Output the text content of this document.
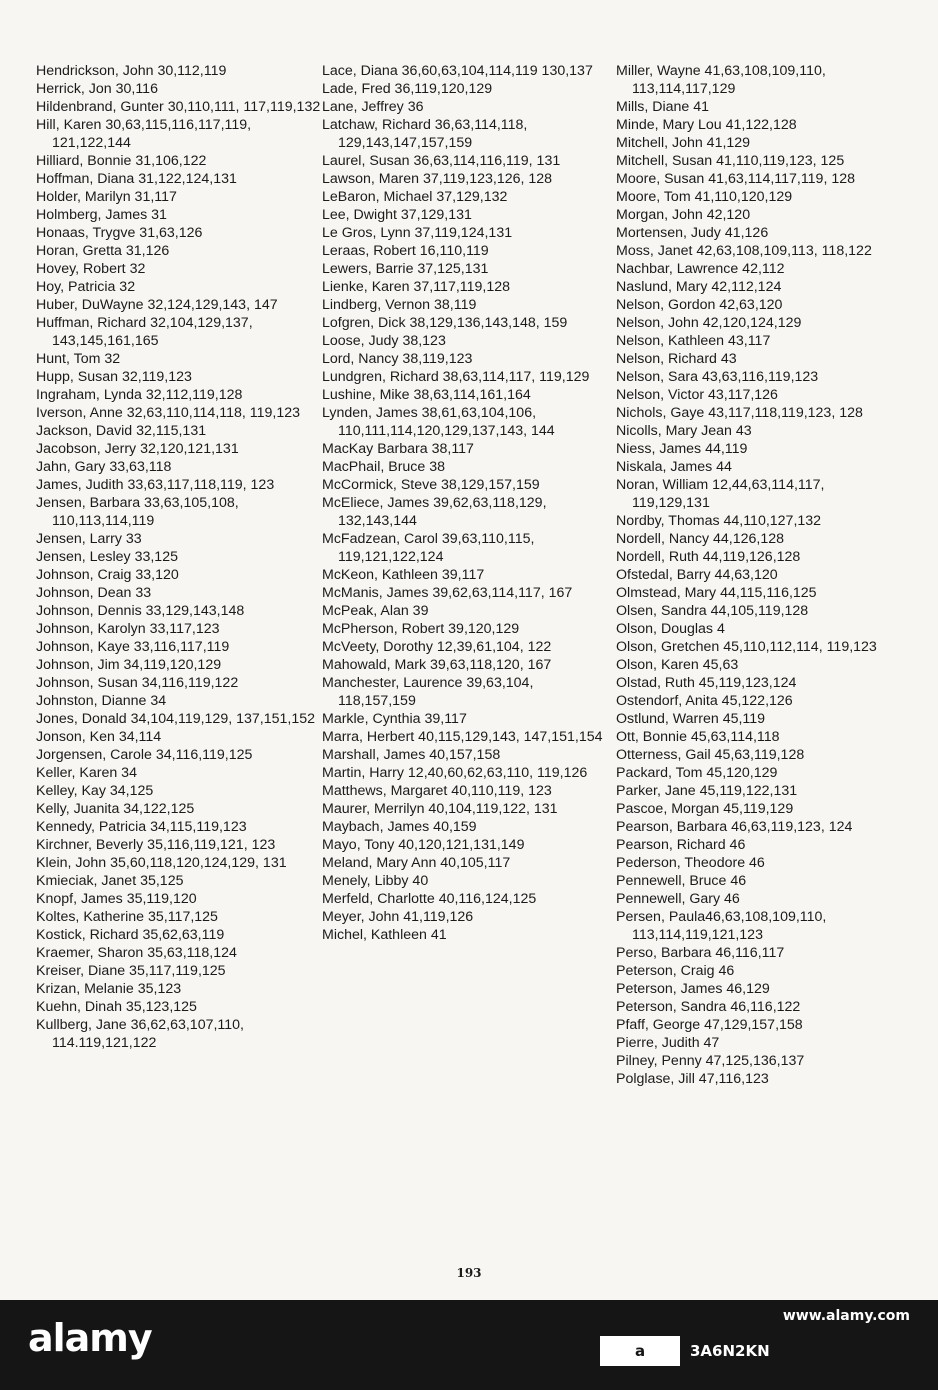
Hendrickson, John 30,112,119

Herrick, Jon 30,116

Hildenbrand, Gunter 30,110,111, 117,119,132

Hill, Karen 30,63,115,116,117,119, 121,122,144

Hilliard, Bonnie 31,106,122

Hoffman, Diana 31,122,124,131

Holder, Marilyn 31,117

Holmberg, James 31

Honaas, Trygve 31,63,126

Horan, Gretta 31,126

Hovey, Robert 32

Hoy, Patricia 32

Huber, DuWayne 32,124,129,143, 147

Huffman, Richard 32,104,129,137, 143,145,161,165

Hunt, Tom 32

Hupp, Susan 32,119,123

Ingraham, Lynda 32,112,119,128

Iverson, Anne 32,63,110,114,118, 119,123

Jackson, David 32,115,131

Jacobson, Jerry 32,120,121,131

Jahn, Gary 33,63,118

James, Judith 33,63,117,118,119, 123

Jensen, Barbara 33,63,105,108, 110,113,114,119

Jensen, Larry 33

Jensen, Lesley 33,125

Johnson, Craig 33,120

Johnson, Dean 33

Johnson, Dennis 33,129,143,148

Johnson, Karolyn 33,117,123

Johnson, Kaye 33,116,117,119

Johnson, Jim 34,119,120,129

Johnson, Susan 34,116,119,122

Johnston, Dianne 34

Jones, Donald 34,104,119,129, 137,151,152

Jonson, Ken 34,114

Jorgensen, Carole 34,116,119,125

Keller, Karen 34

Kelley, Kay 34,125

Kelly, Juanita 34,122,125

Kennedy, Patricia 34,115,119,123

Kirchner, Beverly 35,116,119,121, 123

Klein, John 35,60,118,120,124,129, 131

Kmieciak, Janet 35,125

Knopf, James 35,119,120

Koltes, Katherine 35,117,125

Kostick, Richard 35,62,63,119

Kraemer, Sharon 35,63,118,124

Kreiser, Diane 35,117,119,125

Krizan, Melanie 35,123

Kuehn, Dinah 35,123,125

Kullberg, Jane 36,62,63,107,110, 114.119,121,122

Lace, Diana 36,60,63,104,114,119 130,137

Lade, Fred 36,119,120,129

Lane, Jeffrey 36

Latchaw, Richard 36,63,114,118, 129,143,147,157,159

Laurel, Susan 36,63,114,116,119, 131

Lawson, Maren 37,119,123,126, 128

LeBaron, Michael 37,129,132

Lee, Dwight 37,129,131

Le Gros, Lynn 37,119,124,131

Leraas, Robert 16,110,119

Lewers, Barrie 37,125,131

Lienke, Karen 37,117,119,128

Lindberg, Vernon 38,119

Lofgren, Dick 38,129,136,143,148, 159

Loose, Judy 38,123

Lord, Nancy 38,119,123

Lundgren, Richard 38,63,114,117, 119,129

Lushine, Mike 38,63,114,161,164

Lynden, James 38,61,63,104,106, 110,111,114,120,129,137,143, 144

MacKay Barbara 38,117

MacPhail, Bruce 38

McCormick, Steve 38,129,157,159

McEliece, James 39,62,63,118,129, 132,143,144

McFadzean, Carol 39,63,110,115, 119,121,122,124

McKeon, Kathleen 39,117

McManis, James 39,62,63,114,117, 167

McPeak, Alan 39

McPherson, Robert 39,120,129

McVeety, Dorothy 12,39,61,104, 122

Mahowald, Mark 39,63,118,120, 167

Manchester, Laurence 39,63,104, 118,157,159

Markle, Cynthia 39,117

Marra, Herbert 40,115,129,143, 147,151,154

Marshall, James 40,157,158

Martin, Harry 12,40,60,62,63,110, 119,126

Matthews, Margaret 40,110,119, 123

Maurer, Merrilyn 40,104,119,122, 131

Maybach, James 40,159

Mayo, Tony 40,120,121,131,149

Meland, Mary Ann 40,105,117

Menely, Libby 40

Merfeld, Charlotte 40,116,124,125

Meyer, John 41,119,126

Michel, Kathleen 41

Miller, Wayne 41,63,108,109,110, 113,114,117,129

Mills, Diane 41

Minde, Mary Lou 41,122,128

Mitchell, John 41,129

Mitchell, Susan 41,110,119,123, 125

Moore, Susan 41,63,114,117,119, 128

Moore, Tom 41,110,120,129

Morgan, John 42,120

Mortensen, Judy 41,126

Moss, Janet 42,63,108,109,113, 118,122

Nachbar, Lawrence 42,112

Naslund, Mary 42,112,124

Nelson, Gordon 42,63,120

Nelson, John 42,120,124,129

Nelson, Kathleen 43,117

Nelson, Richard 43

Nelson, Sara 43,63,116,119,123

Nelson, Victor 43,117,126

Nichols, Gaye 43,117,118,119,123, 128

Nicolls, Mary Jean 43

Niess, James 44,119

Niskala, James 44

Noran, William 12,44,63,114,117, 119,129,131

Nordby, Thomas 44,110,127,132

Nordell, Nancy 44,126,128

Nordell, Ruth 44,119,126,128

Ofstedal, Barry 44,63,120

Olmstead, Mary 44,115,116,125

Olsen, Sandra 44,105,119,128

Olson, Douglas 4

Olson, Gretchen 45,110,112,114, 119,123

Olson, Karen 45,63

Olstad, Ruth 45,119,123,124

Ostendorf, Anita 45,122,126

Ostlund, Warren 45,119

Ott, Bonnie 45,63,114,118

Otterness, Gail 45,63,119,128

Packard, Tom 45,120,129

Parker, Jane 45,119,122,131

Pascoe, Morgan 45,119,129

Pearson, Barbara 46,63,119,123, 124

Pearson, Richard 46

Pederson, Theodore 46

Pennewell, Bruce 46

Pennewell, Gary 46

Persen, Paula46,63,108,109,110, 113,114,119,121,123

Perso, Barbara 46,116,117

Peterson, Craig 46

Peterson, James 46,129

Peterson, Sandra 46,116,122

Pfaff, George 47,129,157,158

Pierre, Judith 47

Pilney, Penny 47,125,136,137

Polglase, Jill 47,116,123

193
alamy	a	3A6N2KN
www.alamy.com
